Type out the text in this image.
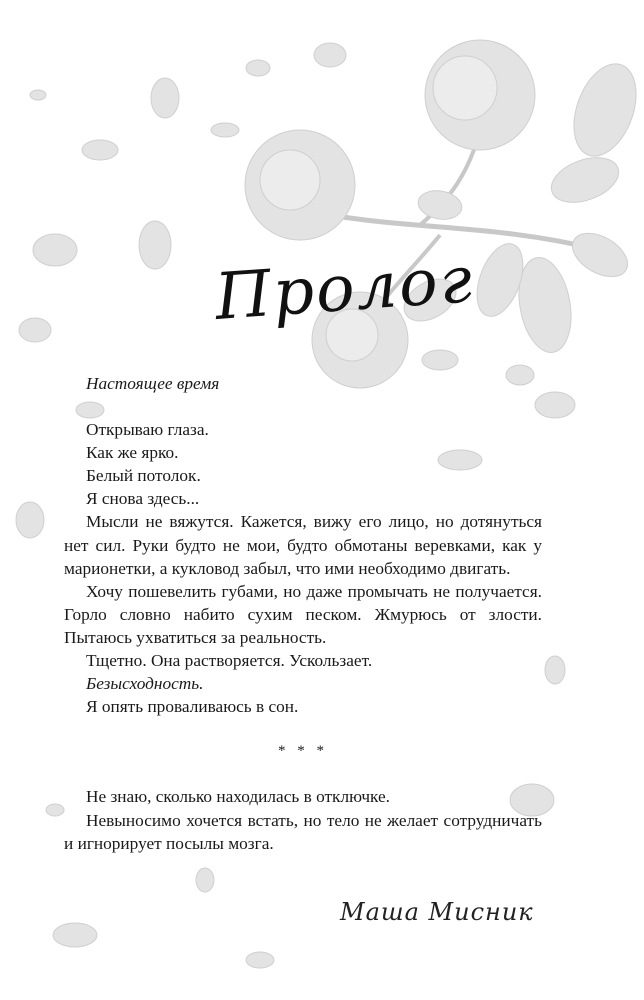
Пролог

Настоящее время

Открываю глаза.

Как же ярко.

Белый потолок.

Я снова здесь...

Мысли не вяжутся. Кажется, вижу его лицо, но дотянуться нет сил. Руки будто не мои, будто обмотаны веревками, как у марионетки, а кукловод забыл, что ими необходимо двигать.

Хочу пошевелить губами, но даже промычать не получается. Горло словно набито сухим песком. Жмурюсь от злости. Пытаюсь ухватиться за реальность.

Тщетно. Она растворяется. Ускользает.

Безысходность.

Я опять проваливаюсь в сон.

* * *

Не знаю, сколько находилась в отключке.

Невыносимо хочется встать, но тело не желает сотрудничать и игнорирует посылы мозга.

Маша Мисник
